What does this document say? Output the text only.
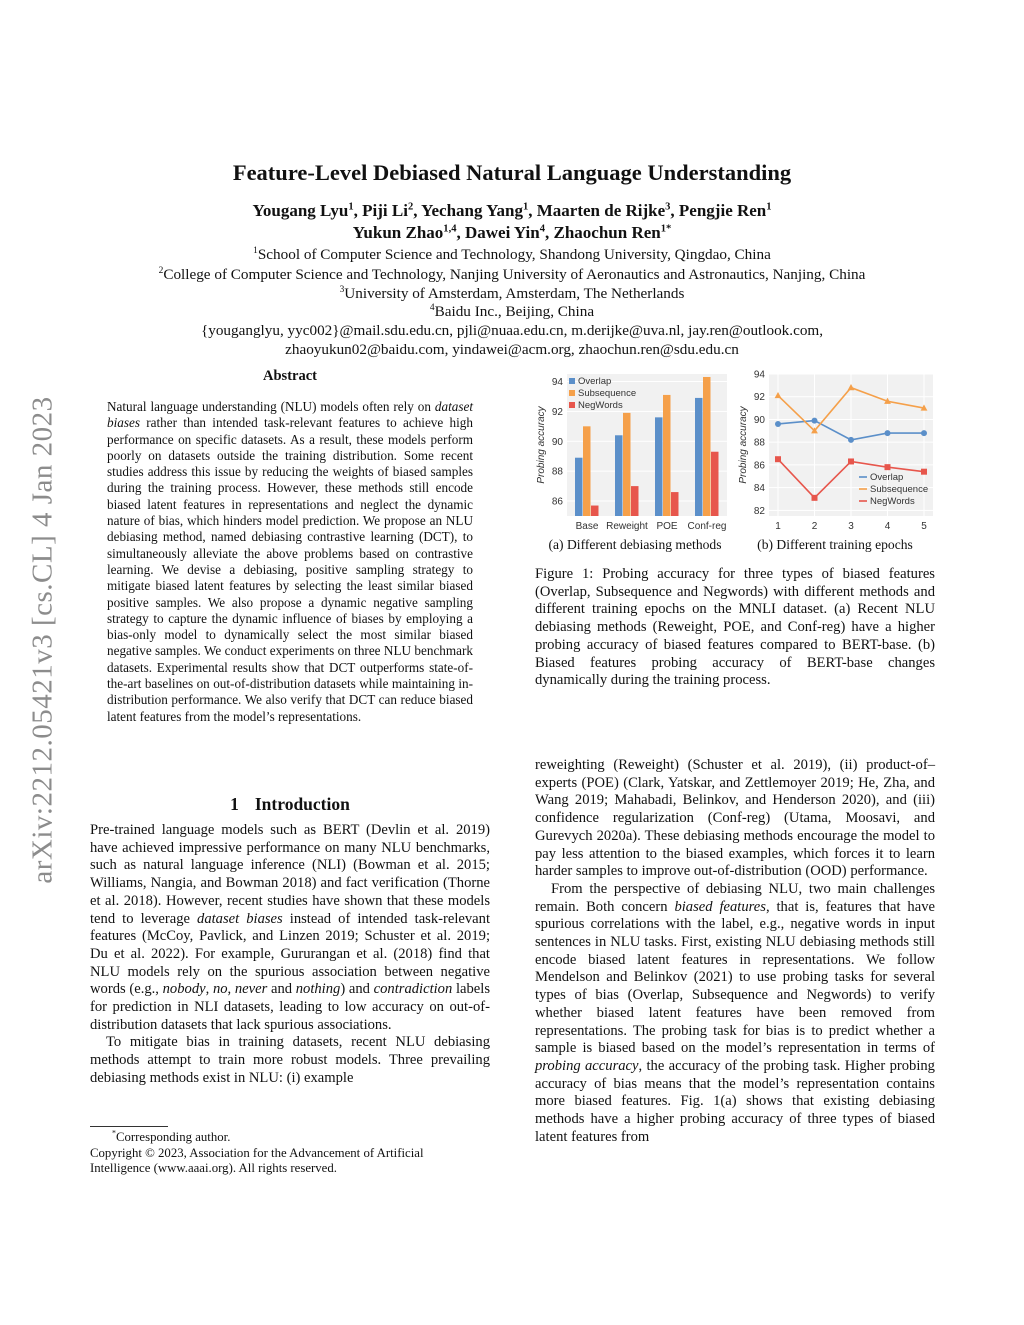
arXiv:2212.05421v3 [cs.CL] 4 Jan 2023
Feature-Level Debiased Natural Language Understanding
Yougang Lyu$^1$, Piji Li$^2$, Yechang Yang$^1$, Maarten de Rijke$^3$, Pengjie Ren$^1$
Yukun Zhao$^{1,4}$, Dawei Yin$^4$, Zhaochun Ren$^{1*}$
$^1$School of Computer Science and Technology, Shandong University, Qingdao, China
$^2$College of Computer Science and Technology, Nanjing University of Aeronautics and Astronautics, Nanjing, China
$^3$University of Amsterdam, Amsterdam, The Netherlands
$^4$Baidu Inc., Beijing, China
{youganglyu, yyc002}@mail.sdu.edu.cn, pjli@nuaa.edu.cn, m.derijke@uva.nl, jay.ren@outlook.com,
zhaoyukun02@baidu.com, yindawei@acm.org, zhaochun.ren@sdu.edu.cn
Abstract
Natural language understanding (NLU) models often rely on dataset biases rather than intended task-relevant features to achieve high performance on specific datasets. As a result, these models perform poorly on datasets outside the training distribution. Some recent studies address this issue by reducing the weights of biased samples during the training process. However, these methods still encode biased latent features in representations and neglect the dynamic nature of bias, which hinders model prediction. We propose an NLU debiasing method, named debiasing contrastive learning (DCT), to simultaneously alleviate the above problems based on contrastive learning. We devise a debiasing, positive sampling strategy to mitigate biased latent features by selecting the least similar biased positive samples. We also propose a dynamic negative sampling strategy to capture the dynamic influence of biases by employing a bias-only model to dynamically select the most similar biased negative samples. We conduct experiments on three NLU benchmark datasets. Experimental results show that DCT outperforms state-of-the-art baselines on out-of-distribution datasets while maintaining in-distribution performance. We also verify that DCT can reduce biased latent features from the model’s representations.
1 Introduction

Pre-trained language models such as BERT (Devlin et al. 2019) have achieved impressive performance on many NLU benchmarks, such as natural language inference (NLI) (Bowman et al. 2015; Williams, Nangia, and Bowman 2018) and fact verification (Thorne et al. 2018). However, recent studies have shown that these models tend to leverage dataset biases instead of intended task-relevant features (McCoy, Pavlick, and Linzen 2019; Schuster et al. 2019; Du et al. 2022). For example, Gururangan et al. (2018) find that NLU models rely on the spurious association between negative words (e.g., nobody, no, never and nothing) and contradiction labels for prediction in NLI datasets, leading to low accuracy on out-of-distribution datasets that lack spurious associations.

To mitigate bias in training datasets, recent NLU debiasing methods attempt to train more robust models. Three prevailing debiasing methods exist in NLU: (i) example

reweighting (Reweight) (Schuster et al. 2019), (ii) product-of–experts (POE) (Clark, Yatskar, and Zettlemoyer 2019; He, Zha, and Wang 2019; Mahabadi, Belinkov, and Henderson 2020), and (iii) confidence regularization (Conf-reg) (Utama, Moosavi, and Gurevych 2020a). These debiasing methods encourage the model to pay less attention to the biased examples, which forces it to learn harder samples to improve out-of-distribution (OOD) performance.

From the perspective of debiasing NLU, two main challenges remain. Both concern biased features, that is, features that have spurious correlations with the label, e.g., negative words in input sentences in NLU tasks. First, existing NLU debiasing methods still encode biased latent features in representations. We follow Mendelson and Belinkov (2021) to use probing tasks for several types of bias (Overlap, Subsequence and Negwords) to verify whether biased latent features have been removed from representations. The probing task for bias is to predict whether a sample is biased based on the model’s representation in terms of probing accuracy, the accuracy of the probing task. Higher probing accuracy of bias means that the model’s representation contains more biased features. Fig. 1(a) shows that existing debiasing methods have a higher probing accuracy of three types of biased latent features from

*Corresponding author.
Copyright © 2023, Association for the Advancement of Artificial
Intelligence (www.aaai.org). All rights reserved.
86
88
90
92
94
Probing accuracy
Base Reweight POE Conf-reg
Overlap
Subsequence
NegWords
82
84
86
88
90
92
94
1	2	3	4	5
Probing accuracy	Overlap
Subsequence
NegWords
(a) Different debiasing methods	(b) Different training epochs
Figure 1: Probing accuracy for three types of biased features (Overlap, Subsequence and Negwords) with different methods and different training epochs on the MNLI dataset. (a) Recent NLU debiasing methods (Reweight, POE, and Conf-reg) have a higher probing accuracy of biased features compared to BERT-base. (b) Biased features probing accuracy of BERT-base changes dynamically during the training process.
